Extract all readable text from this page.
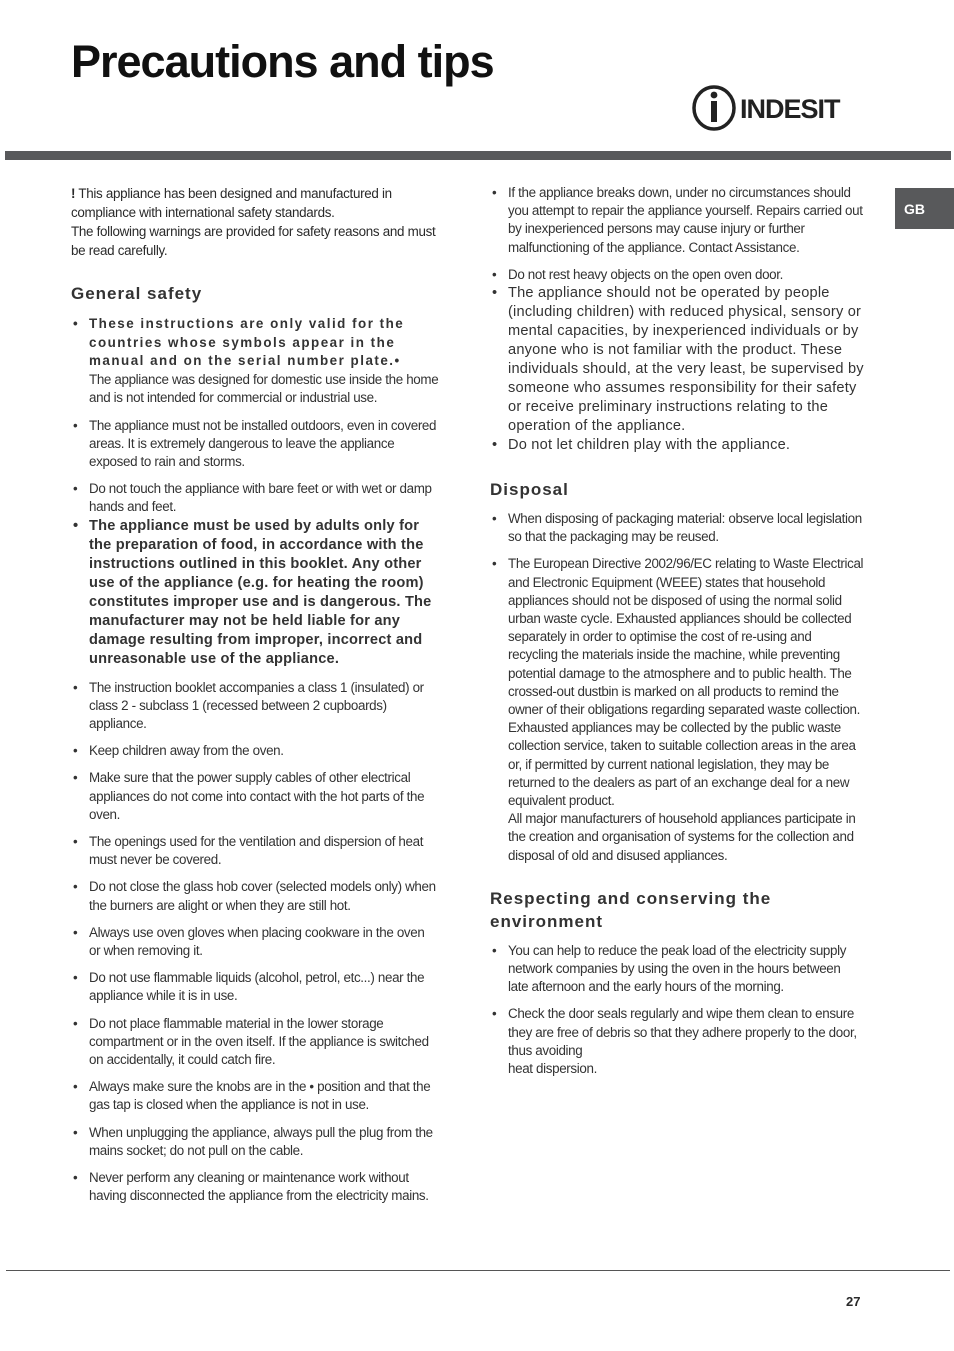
Precautions and tips
INDESIT
GB

! This appliance has been designed and manufactured in compliance with international safety standards.
The following warnings are provided for safety reasons and must be read carefully.

General safety
• These instructions are only valid for the countries whose symbols appear in the manual and on the serial number plate.•
The appliance was designed for domestic use inside the home and is not intended for commercial or industrial use.
• The appliance must not be installed outdoors, even in covered areas. It is extremely dangerous to leave the appliance exposed to rain and storms.
• Do not touch the appliance with bare feet or with wet or damp hands and feet.
• The appliance must be used by adults only for the preparation of food, in accordance with the instructions outlined in this booklet. Any other use of the appliance (e.g. for heating the room) constitutes improper use and is dangerous. The manufacturer may not be held liable for any damage resulting from improper, incorrect and unreasonable use of the appliance.
• The instruction booklet accompanies a class 1 (insulated) or class 2 - subclass 1 (recessed between 2 cupboards) appliance.
• Keep children away from the oven.
• Make sure that the power supply cables of other electrical appliances do not come into contact with the hot parts of the oven.
• The openings used for the ventilation and dispersion of heat must never be covered.
• Do not close the glass hob cover (selected models only) when the burners are alight or when they are still hot.
• Always use oven gloves when placing cookware in the oven or when removing it.
• Do not use flammable liquids (alcohol, petrol, etc...) near the appliance while it is in use.
• Do not place flammable material in the lower storage compartment or in the oven itself. If the appliance is switched on accidentally, it could catch fire.
• Always make sure the knobs are in the • position and that the gas tap is closed when the appliance is not in use.
• When unplugging the appliance, always pull the plug from the mains socket; do not pull on the cable.
• Never perform any cleaning or maintenance work without having disconnected the appliance from the electricity mains.
• If the appliance breaks down, under no circumstances should you attempt to repair the appliance yourself. Repairs carried out by inexperienced persons may cause injury or further malfunctioning of the appliance. Contact Assistance.
• Do not rest heavy objects on the open oven door.
• The appliance should not be operated by people (including children) with reduced physical, sensory or mental capacities, by inexperienced individuals or by anyone who is not familiar with the product. These individuals should, at the very least, be supervised by someone who assumes responsibility for their safety or receive preliminary instructions relating to the operation of the appliance.
• Do not let children play with the appliance.
Disposal
• When disposing of packaging material: observe local legislation so that the packaging may be reused.
• The European Directive 2002/96/EC relating to Waste Electrical and Electronic Equipment (WEEE) states that household appliances should not be disposed of using the normal solid urban waste cycle. Exhausted appliances should be collected separately in order to optimise the cost of re-using and recycling the materials inside the machine, while preventing potential damage to the atmosphere and to public health. The crossed-out dustbin is marked on all products to remind the owner of their obligations regarding separated waste collection.
Exhausted appliances may be collected by the public waste collection service, taken to suitable collection areas in the area or, if permitted by current national legislation, they may be returned to the dealers as part of an exchange deal for a new equivalent product.
All major manufacturers of household appliances participate in the creation and organisation of systems for the collection and disposal of old and disused appliances.
Respecting and conserving the environment
• You can help to reduce the peak load of the electricity supply network companies by using the oven in the hours between late afternoon and the early hours of the morning.
• Check the door seals regularly and wipe them clean to ensure they are free of debris so that they adhere properly to the door, thus avoiding
heat dispersion.
27
